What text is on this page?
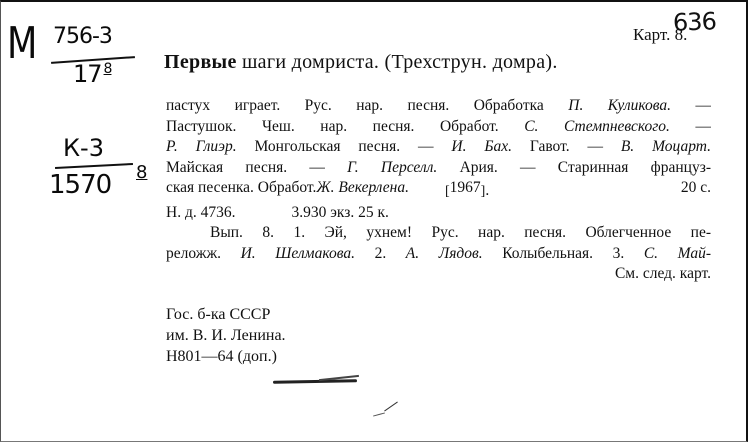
M 756-3
17 $^8$
К-3
1570 8
Карт. 8.
636
Первые шаги домриста. (Трехструн. домра).
пастух играет. Рус. нар. песня. Обработка П. Куликова. —
Пастушок. Чеш. нар. песня. Обработ. С. Стемпневского. —
Р. Глиэр. Монгольская песня. — И. Бах. Гавот. — В. Моцарт.
Майская песня. — Г. Перселл. Ария. — Старинная француз-
ская песенка. Обработ. Ж. Векерлена.	[1967].	20 с.
Н. д. 4736.	3.930 экз. 25 к.
Вып. 8. 1. Эй, ухнем! Рус. нар. песня. Облегченное пе-
реложж. И. Шелмакова. 2. А. Лядов. Колыбельная. 3. С. Май-
См. след. карт.
Гос. б-ка СССР
им. В. И. Ленина.
Н801—64 (доп.)
